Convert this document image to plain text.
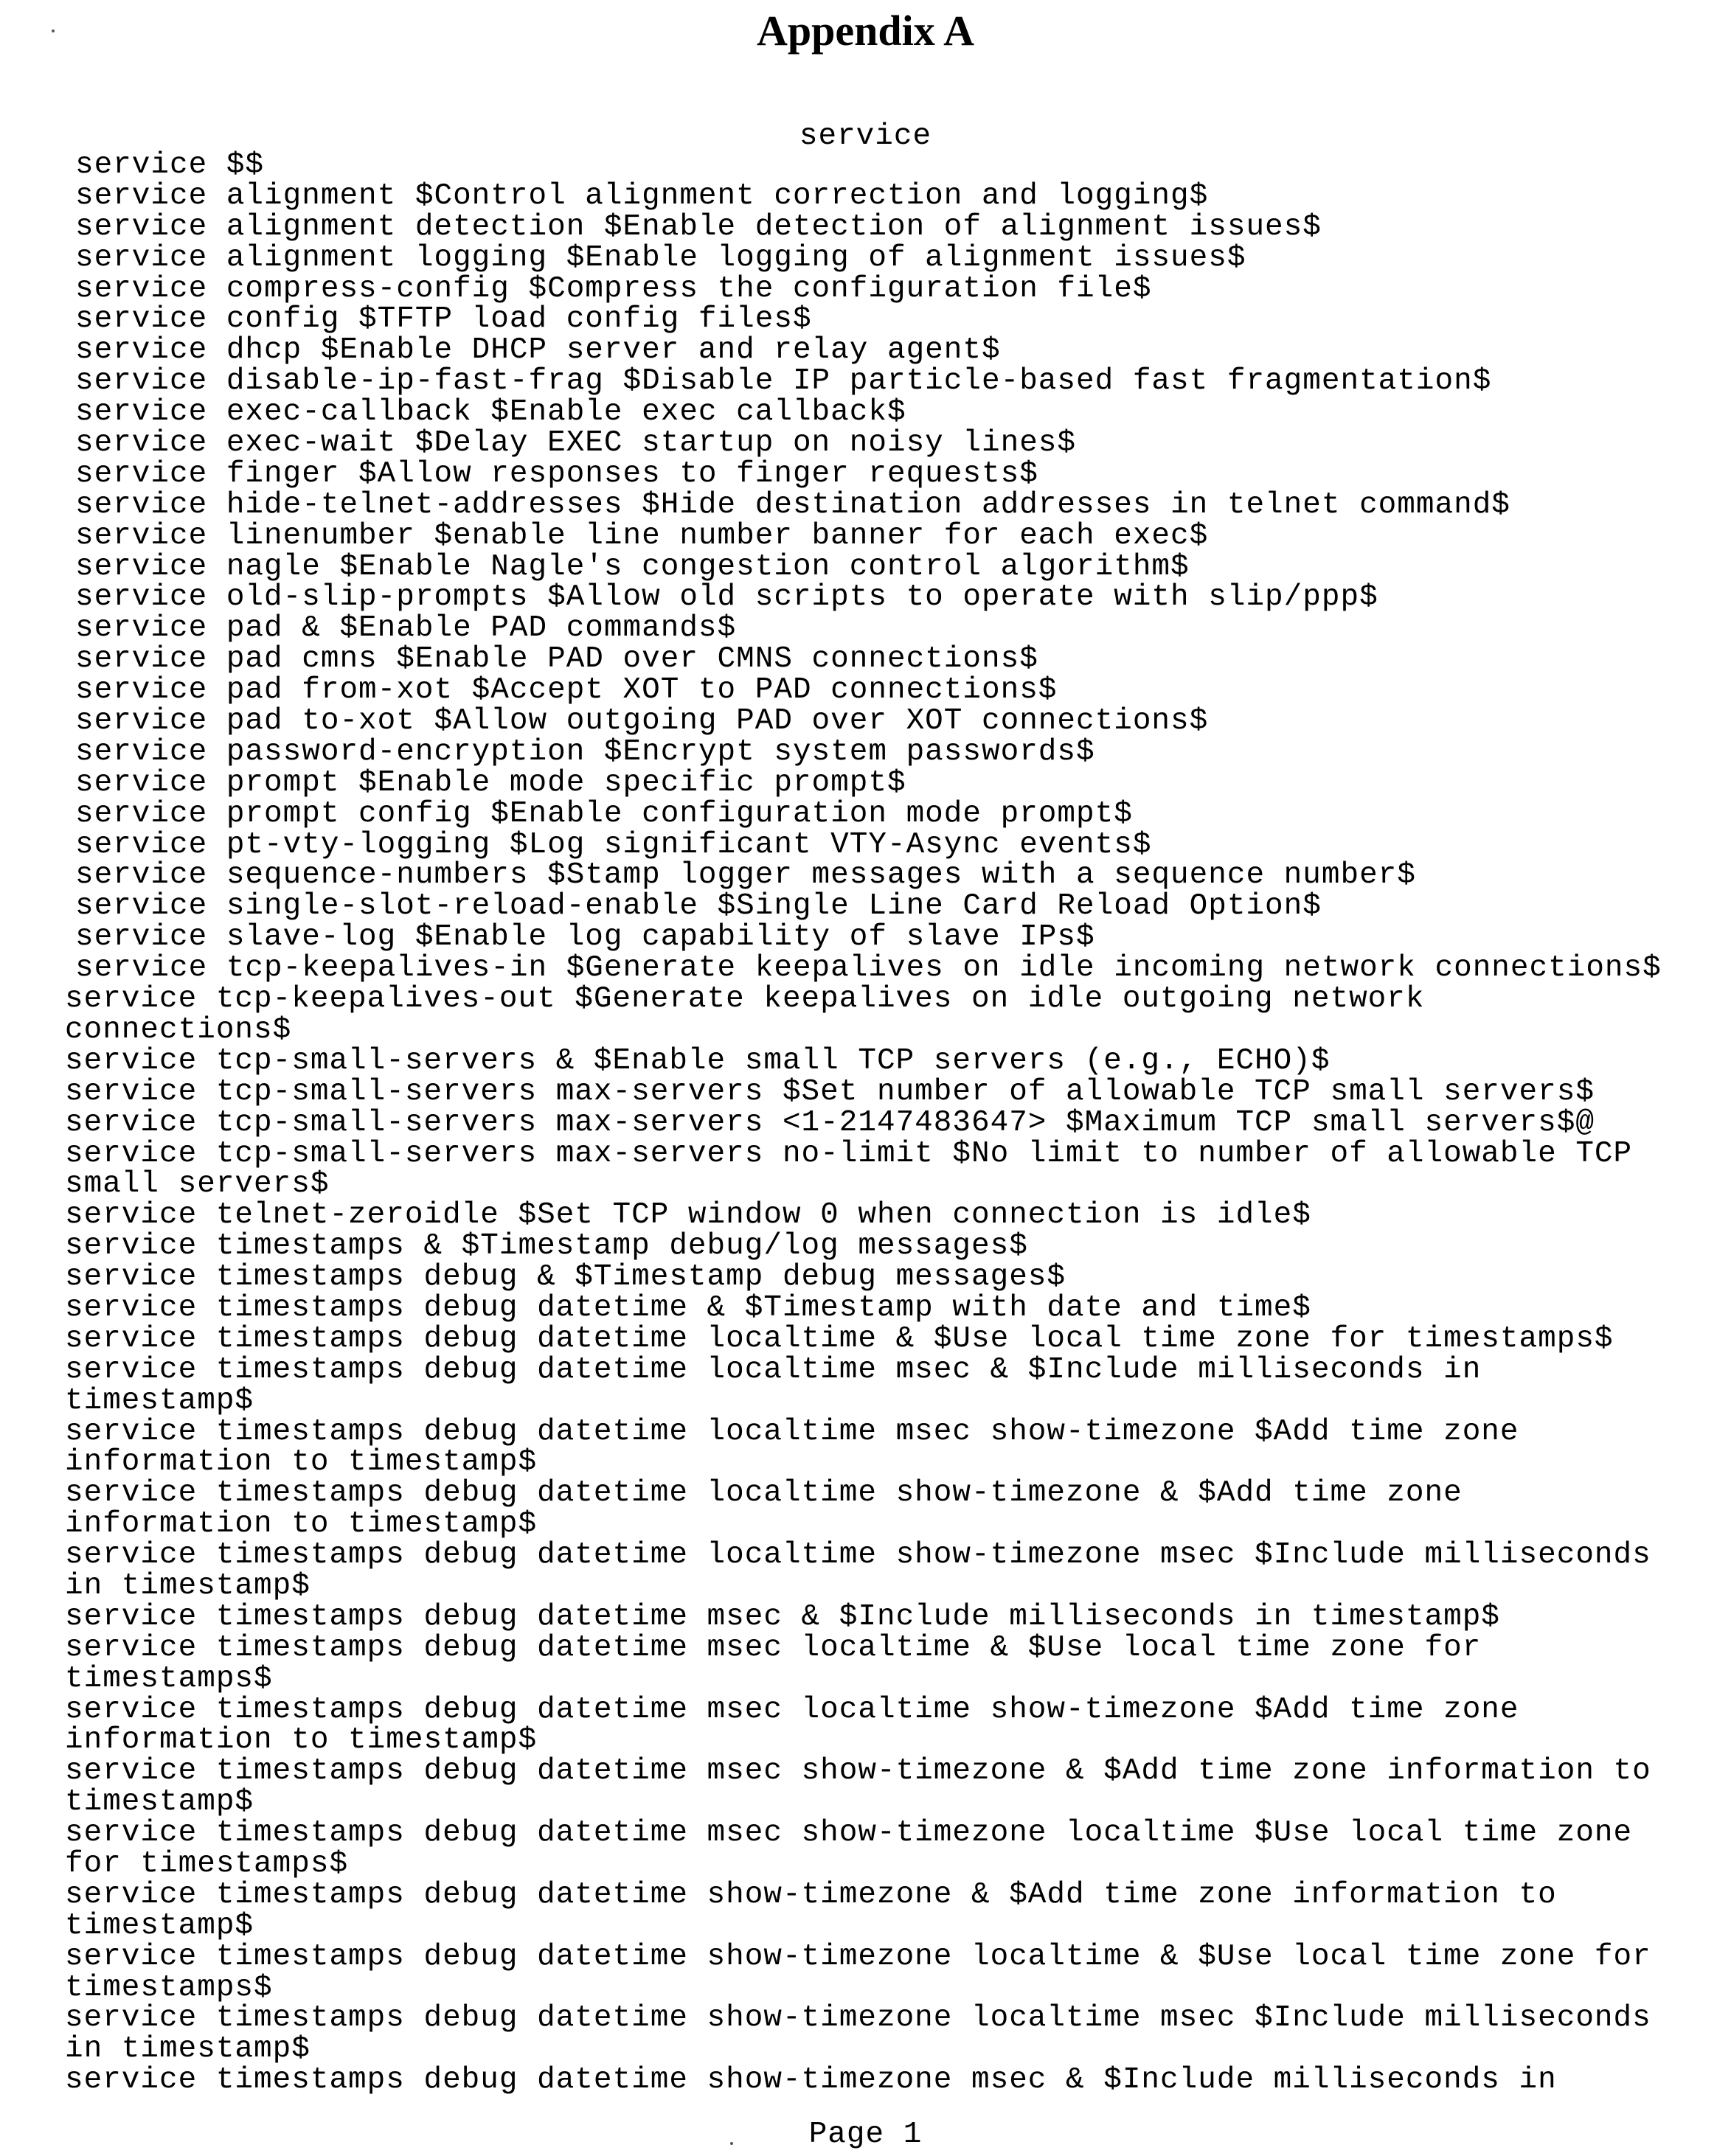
Appendix A
service
service $$
service alignment $Control alignment correction and logging$
service alignment detection $Enable detection of alignment issues$
service alignment logging $Enable logging of alignment issues$
service compress-config $Compress the configuration file$
service config $TFTP load config files$
service dhcp $Enable DHCP server and relay agent$
service disable-ip-fast-frag $Disable IP particle-based fast fragmentation$
service exec-callback $Enable exec callback$
service exec-wait $Delay EXEC startup on noisy lines$
service finger $Allow responses to finger requests$
service hide-telnet-addresses $Hide destination addresses in telnet command$
service linenumber $enable line number banner for each exec$
service nagle $Enable Nagle's congestion control algorithm$
service old-slip-prompts $Allow old scripts to operate with slip/ppp$
service pad & $Enable PAD commands$
service pad cmns $Enable PAD over CMNS connections$
service pad from-xot $Accept XOT to PAD connections$
service pad to-xot $Allow outgoing PAD over XOT connections$
service password-encryption $Encrypt system passwords$
service prompt $Enable mode specific prompt$
service prompt config $Enable configuration mode prompt$
service pt-vty-logging $Log significant VTY-Async events$
service sequence-numbers $Stamp logger messages with a sequence number$
service single-slot-reload-enable $Single Line Card Reload Option$
service slave-log $Enable log capability of slave IPs$
service tcp-keepalives-in $Generate keepalives on idle incoming network connections$
service tcp-keepalives-out $Generate keepalives on idle outgoing network
connections$
service tcp-small-servers & $Enable small TCP servers (e.g., ECHO)$
service tcp-small-servers max-servers $Set number of allowable TCP small servers$
service tcp-small-servers max-servers <1-2147483647> $Maximum TCP small servers$@
service tcp-small-servers max-servers no-limit $No limit to number of allowable TCP
small servers$
service telnet-zeroidle $Set TCP window 0 when connection is idle$
service timestamps & $Timestamp debug/log messages$
service timestamps debug & $Timestamp debug messages$
service timestamps debug datetime & $Timestamp with date and time$
service timestamps debug datetime localtime & $Use local time zone for timestamps$
service timestamps debug datetime localtime msec & $Include milliseconds in
timestamp$
service timestamps debug datetime localtime msec show-timezone $Add time zone
information to timestamp$
service timestamps debug datetime localtime show-timezone & $Add time zone
information to timestamp$
service timestamps debug datetime localtime show-timezone msec $Include milliseconds
in timestamp$
service timestamps debug datetime msec & $Include milliseconds in timestamp$
service timestamps debug datetime msec localtime & $Use local time zone for
timestamps$
service timestamps debug datetime msec localtime show-timezone $Add time zone
information to timestamp$
service timestamps debug datetime msec show-timezone & $Add time zone information to
timestamp$
service timestamps debug datetime msec show-timezone localtime $Use local time zone
for timestamps$
service timestamps debug datetime show-timezone & $Add time zone information to
timestamp$
service timestamps debug datetime show-timezone localtime & $Use local time zone for
timestamps$
service timestamps debug datetime show-timezone localtime msec $Include milliseconds
in timestamp$
service timestamps debug datetime show-timezone msec & $Include milliseconds in
Page 1
